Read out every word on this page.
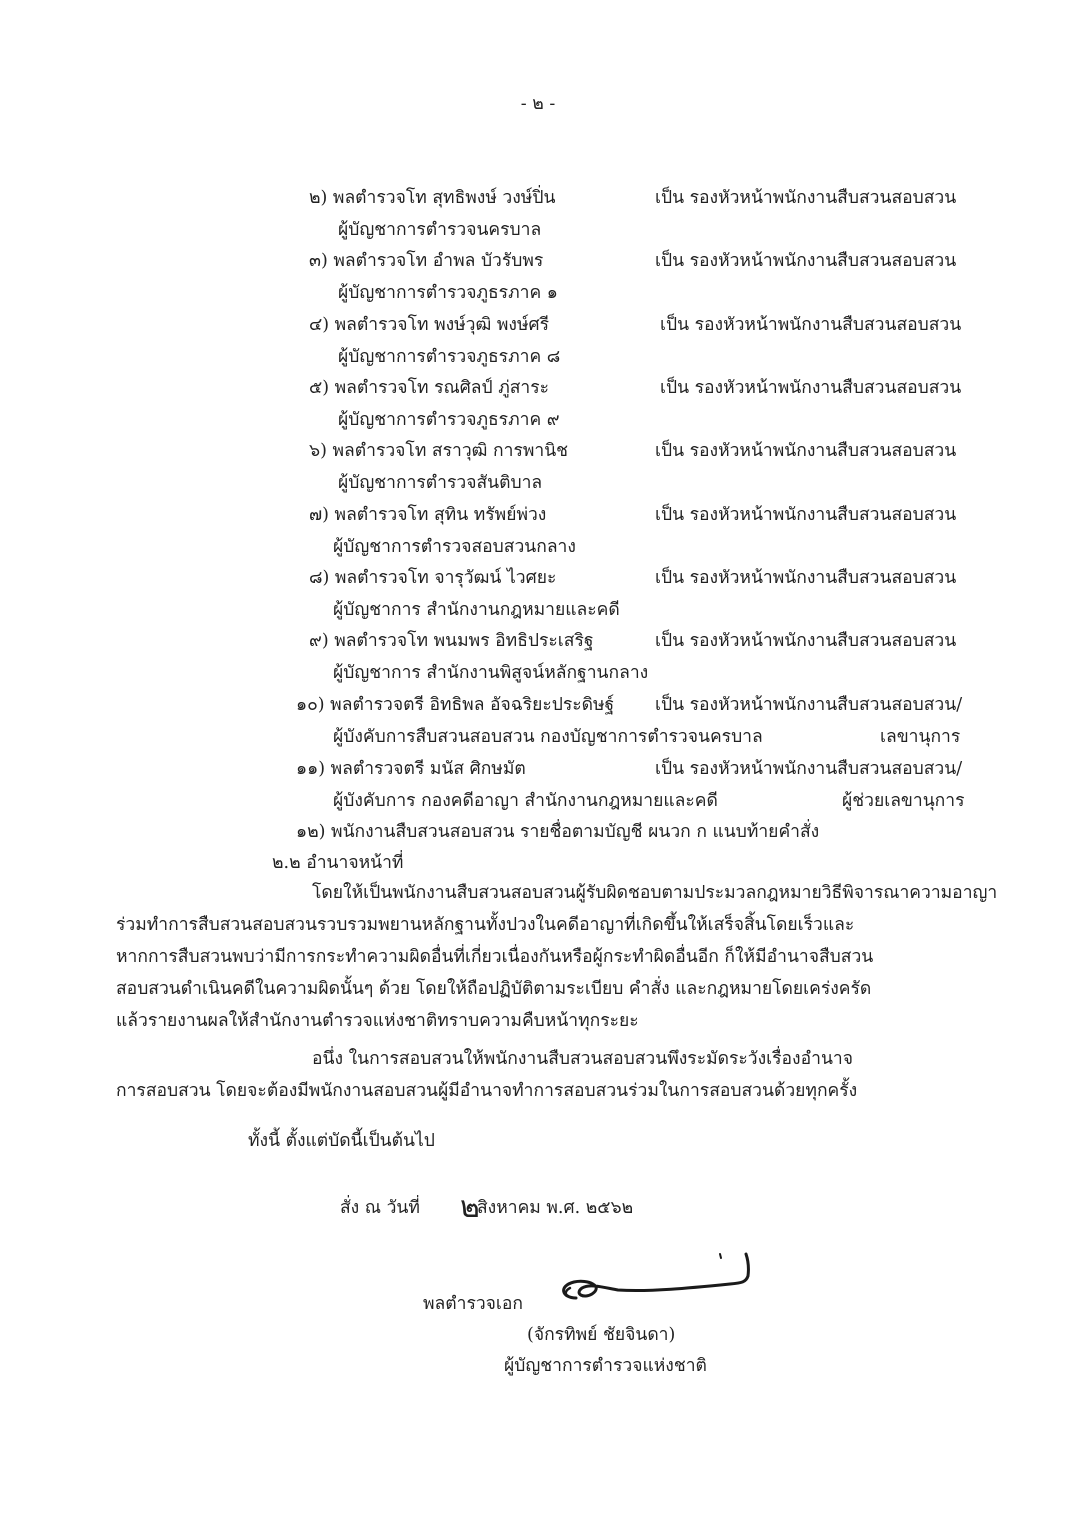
- ๒ -
๒) พลตำรวจโท สุทธิพงษ์ วงษ์ปิ่น	เป็น รองหัวหน้าพนักงานสืบสวนสอบสวน
ผู้บัญชาการตำรวจนครบาล
๓) พลตำรวจโท อำพล บัวรับพร	เป็น รองหัวหน้าพนักงานสืบสวนสอบสวน
ผู้บัญชาการตำรวจภูธรภาค ๑
๔) พลตำรวจโท พงษ์วุฒิ พงษ์ศรี	เป็น รองหัวหน้าพนักงานสืบสวนสอบสวน
ผู้บัญชาการตำรวจภูธรภาค ๘
๕) พลตำรวจโท รณศิลป์ ภู่สาระ	เป็น รองหัวหน้าพนักงานสืบสวนสอบสวน
ผู้บัญชาการตำรวจภูธรภาค ๙
๖) พลตำรวจโท สราวุฒิ การพานิช	เป็น รองหัวหน้าพนักงานสืบสวนสอบสวน
ผู้บัญชาการตำรวจสันติบาล
๗) พลตำรวจโท สุทิน ทรัพย์พ่วง	เป็น รองหัวหน้าพนักงานสืบสวนสอบสวน
ผู้บัญชาการตำรวจสอบสวนกลาง
๘) พลตำรวจโท จารุวัฒน์ ไวศยะ	เป็น รองหัวหน้าพนักงานสืบสวนสอบสวน
ผู้บัญชาการ สำนักงานกฎหมายและคดี
๙) พลตำรวจโท พนมพร อิทธิประเสริฐ	เป็น รองหัวหน้าพนักงานสืบสวนสอบสวน
ผู้บัญชาการ สำนักงานพิสูจน์หลักฐานกลาง
๑๐) พลตำรวจตรี อิทธิพล อัจฉริยะประดิษฐ์ เป็น รองหัวหน้าพนักงานสืบสวนสอบสวน/
ผู้บังคับการสืบสวนสอบสวน กองบัญชาการตำรวจนครบาล	เลขานุการ
๑๑) พลตำรวจตรี มนัส ศิกษมัต	เป็น รองหัวหน้าพนักงานสืบสวนสอบสวน/
ผู้บังคับการ กองคดีอาญา สำนักงานกฎหมายและคดี	ผู้ช่วยเลขานุการ
๑๒) พนักงานสืบสวนสอบสวน รายชื่อตามบัญชี ผนวก ก แนบท้ายคำสั่ง
๒.๒ อำนาจหน้าที่
โดยให้เป็นพนักงานสืบสวนสอบสวนผู้รับผิดชอบตามประมวลกฎหมายวิธีพิจารณาความอาญา
ร่วมทำการสืบสวนสอบสวนรวบรวมพยานหลักฐานทั้งปวงในคดีอาญาที่เกิดขึ้นให้เสร็จสิ้นโดยเร็วและ
หากการสืบสวนพบว่ามีการกระทำความผิดอื่นที่เกี่ยวเนื่องกันหรือผู้กระทำผิดอื่นอีก ก็ให้มีอำนาจสืบสวน
สอบสวนดำเนินคดีในความผิดนั้นๆ ด้วย โดยให้ถือปฏิบัติตามระเบียบ คำสั่ง และกฎหมายโดยเคร่งครัด
แล้วรายงานผลให้สำนักงานตำรวจแห่งชาติทราบความคืบหน้าทุกระยะ
อนึ่ง ในการสอบสวนให้พนักงานสืบสวนสอบสวนพึงระมัดระวังเรื่องอำนาจ
การสอบสวน โดยจะต้องมีพนักงานสอบสวนผู้มีอำนาจทำการสอบสวนร่วมในการสอบสวนด้วยทุกครั้ง
ทั้งนี้ ตั้งแต่บัดนี้เป็นต้นไป
สั่ง ณ วันที่ ๒
สิงหาคม พ.ศ. ๒๕๖๒
พลตำรวจเอก
(จักรทิพย์ ชัยจินดา)
ผู้บัญชาการตำรวจแห่งชาติ
